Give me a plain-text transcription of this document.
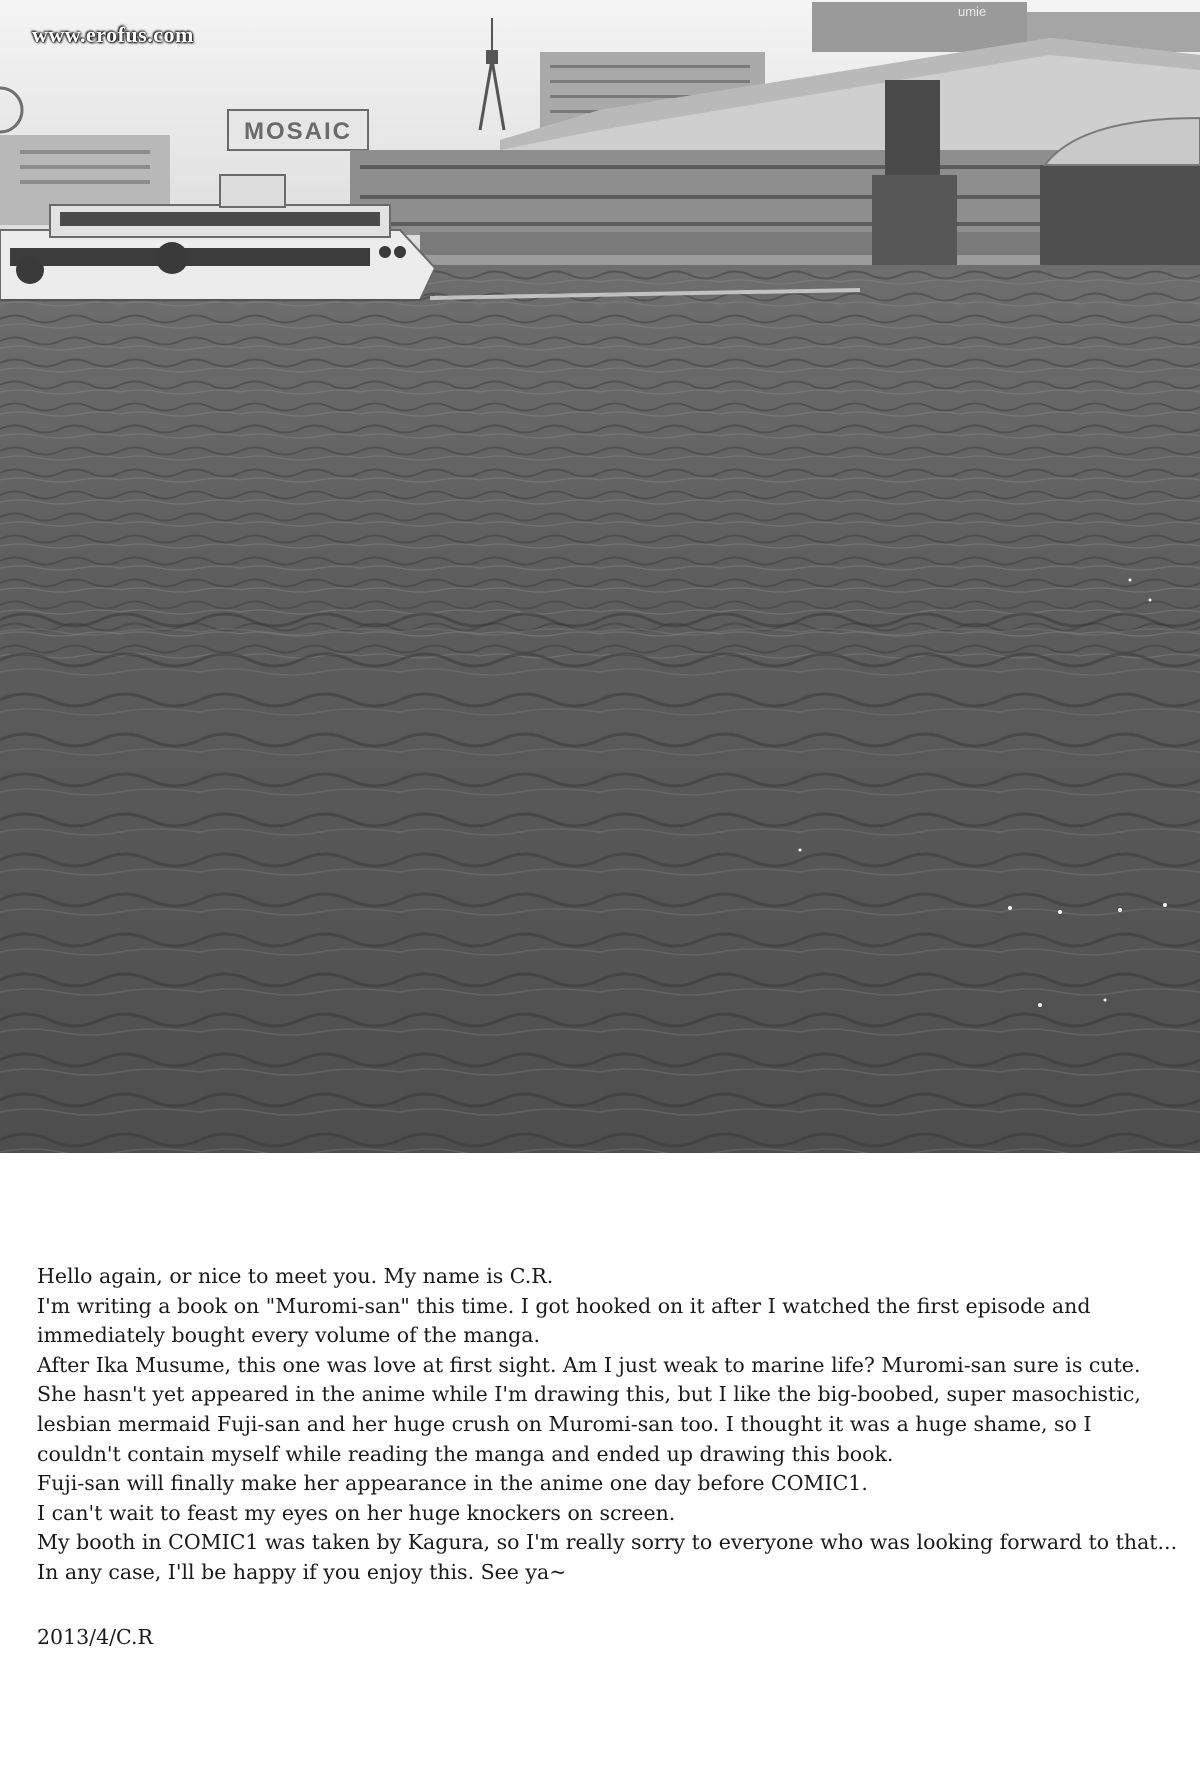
MOSAIC
umie
www.erofus.com

Hello again, or nice to meet you. My name is C.R.

I'm writing a book on "Muromi-san" this time. I got hooked on it after I watched the first episode and

immediately bought every volume of the manga.

After Ika Musume, this one was love at first sight. Am I just weak to marine life? Muromi-san sure is cute.

She hasn't yet appeared in the anime while I'm drawing this, but I like the big-boobed, super masochistic,

lesbian mermaid Fuji-san and her huge crush on Muromi-san too. I thought it was a huge shame, so I

couldn't contain myself while reading the manga and ended up drawing this book.

Fuji-san will finally make her appearance in the anime one day before COMIC1.

I can't wait to feast my eyes on her huge knockers on screen.

My booth in COMIC1 was taken by Kagura, so I'm really sorry to everyone who was looking forward to that...

In any case, I'll be happy if you enjoy this. See ya~

2013/4/C.R
